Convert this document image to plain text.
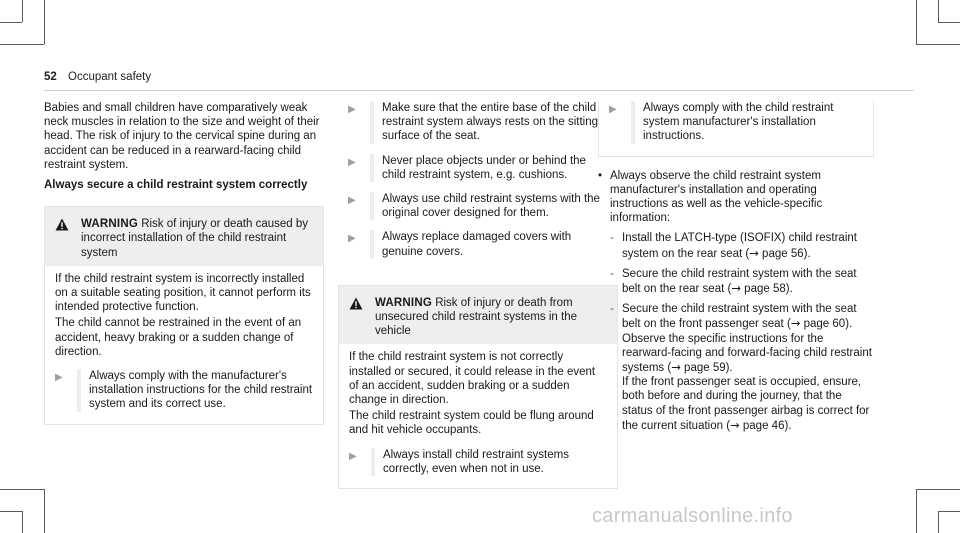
52 Occupant safety

Babies and small children have comparatively weak neck muscles in relation to the size and weight of their head. The risk of injury to the cervical spine during an accident can be reduced in a rearward-facing child restraint system.

Always secure a child restraint system correctly

WARNING Risk of injury or death caused by incorrect installation of the child restraint system

If the child restraint system is incorrectly installed on a suitable seating position, it cannot perform its intended protective function.

The child cannot be restrained in the event of an accident, heavy braking or a sudden change of direction.

▶	Always comply with the manufacturer's installation instructions for the child restraint system and its correct use.
▶	Make sure that the entire base of the child restraint system always rests on the sitting surface of the seat.
▶	Never place objects under or behind the child restraint system, e.g. cushions.
▶	Always use child restraint systems with the original cover designed for them.
▶	Always replace damaged covers with genuine covers.
WARNING Risk of injury or death from unsecured child restraint systems in the vehicle

If the child restraint system is not correctly installed or secured, it could release in the event of an accident, sudden braking or a sudden change in direction.

The child restraint system could be flung around and hit vehicle occupants.

▶	Always install child restraint systems correctly, even when not in use.
▶	Always comply with the child restraint system manufacturer's installation instructions.
• Always observe the child restraint system manufacturer's installation and operating instructions as well as the vehicle-specific information:

- Install the LATCH-type (ISOFIX) child restraint system on the rear seat (→ page 56).

- Secure the child restraint system with the seat belt on the rear seat (→ page 58).

- Secure the child restraint system with the seat belt on the front passenger seat (→ page 60). Observe the specific instructions for the rearward-facing and forward-facing child restraint systems (→ page 59).

If the front passenger seat is occupied, ensure, both before and during the journey, that the status of the front passenger airbag is correct for the current situation (→ page 46).

carmanualsonline.info
